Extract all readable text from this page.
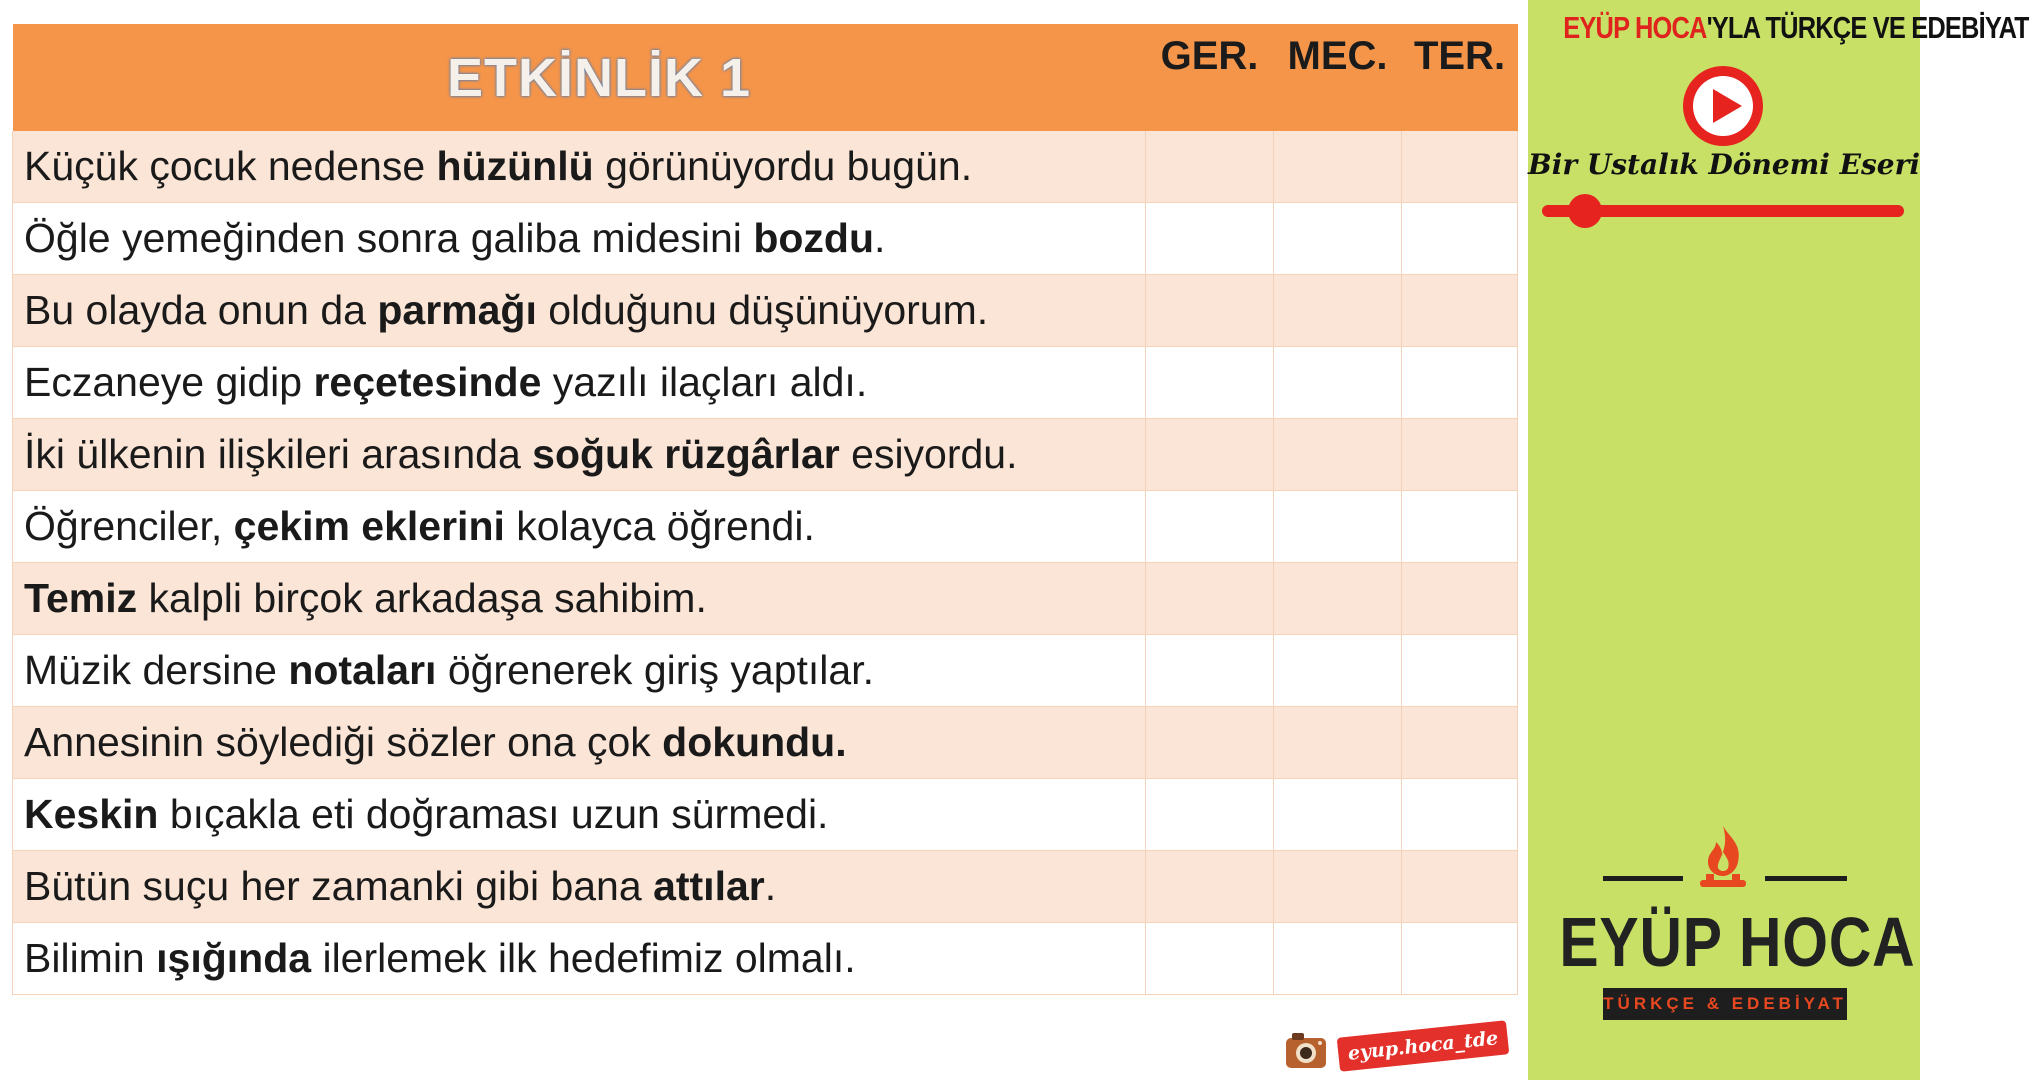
ETKİNLİK 1	GER.	MEC.	TER.
Küçük çocuk nedense hüzünlü görünüyordu bugün.			
Öğle yemeğinden sonra galiba midesini bozdu.			
Bu olayda onun da parmağı olduğunu düşünüyorum.			
Eczaneye gidip reçetesinde yazılı ilaçları aldı.			
İki ülkenin ilişkileri arasında soğuk rüzgârlar esiyordu.			
Öğrenciler, çekim eklerini kolayca öğrendi.			
Temiz kalpli birçok arkadaşa sahibim.			
Müzik dersine notaları öğrenerek giriş yaptılar.			
Annesinin söylediği sözler ona çok dokundu.			
Keskin bıçakla eti doğraması uzun sürmedi.			
Bütün suçu her zamanki gibi bana attılar.			
Bilimin ışığında ilerlemek ilk hedefimiz olmalı.			
EYÜP HOCA'YLA TÜRKÇE VE EDEBİYAT
Bir Ustalık Dönemi Eseri
EYÜP HOCA
TÜRKÇE & EDEBİYAT
eyup.hoca_tde
